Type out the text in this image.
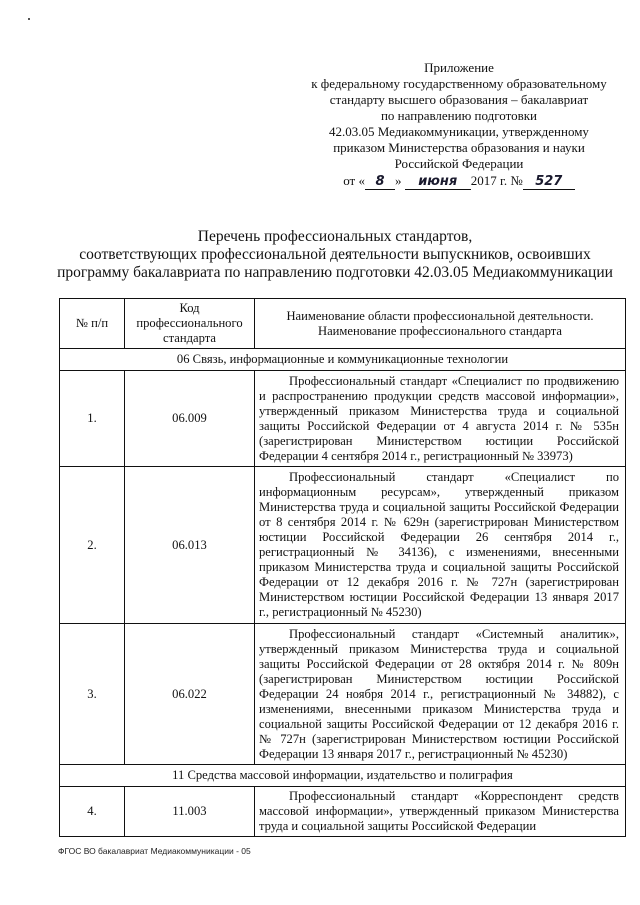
Приложение
к федеральному государственному образовательному
стандарту высшего образования – бакалавриат
по направлению подготовки
42.03.05 Медиакоммуникации, утвержденному
приказом Министерства образования и науки
Российской Федерации
от « 8 » июня 2017 г. № 527
Перечень профессиональных стандартов,
соответствующих профессиональной деятельности выпускников, освоивших
программу бакалавриата по направлению подготовки 42.03.05 Медиакоммуникации
№ п/п	Код профессионального стандарта	Наименование области профессиональной деятельности.
Наименование профессионального стандарта

06 Связь, информационные и коммуникационные технологии		
1.	06.009	Профессиональный стандарт «Специалист по продвижению и распространению продукции средств массовой информации», утвержденный приказом Министерства труда и социальной защиты Российской Федерации от 4 августа 2014 г. № 535н (зарегистрирован Министерством юстиции Российской Федерации 4 сентября 2014 г., регистрационный № 33973)
2.	06.013	Профессиональный стандарт «Специалист по информационным ресурсам», утвержденный приказом Министерства труда и социальной защиты Российской Федерации от 8 сентября 2014 г. № 629н (зарегистрирован Министерством юстиции Российской Федерации 26 сентября 2014 г., регистрационный № 34136), с изменениями, внесенными приказом Министерства труда и социальной защиты Российской Федерации от 12 декабря 2016 г. № 727н (зарегистрирован Министерством юстиции Российской Федерации 13 января 2017 г., регистрационный № 45230)
3.	06.022	Профессиональный стандарт «Системный аналитик», утвержденный приказом Министерства труда и социальной защиты Российской Федерации от 28 октября 2014 г. № 809н (зарегистрирован Министерством юстиции Российской Федерации 24 ноября 2014 г., регистрационный № 34882), с изменениями, внесенными приказом Министерства труда и социальной защиты Российской Федерации от 12 декабря 2016 г. № 727н (зарегистрирован Министерством юстиции Российской Федерации 13 января 2017 г., регистрационный № 45230)
11 Средства массовой информации, издательство и полиграфия		
4.	11.003	Профессиональный стандарт «Корреспондент средств массовой информации», утвержденный приказом Министерства труда и социальной защиты Российской Федерации
ФГОС ВО бакалавриат Медиакоммуникации - 05
